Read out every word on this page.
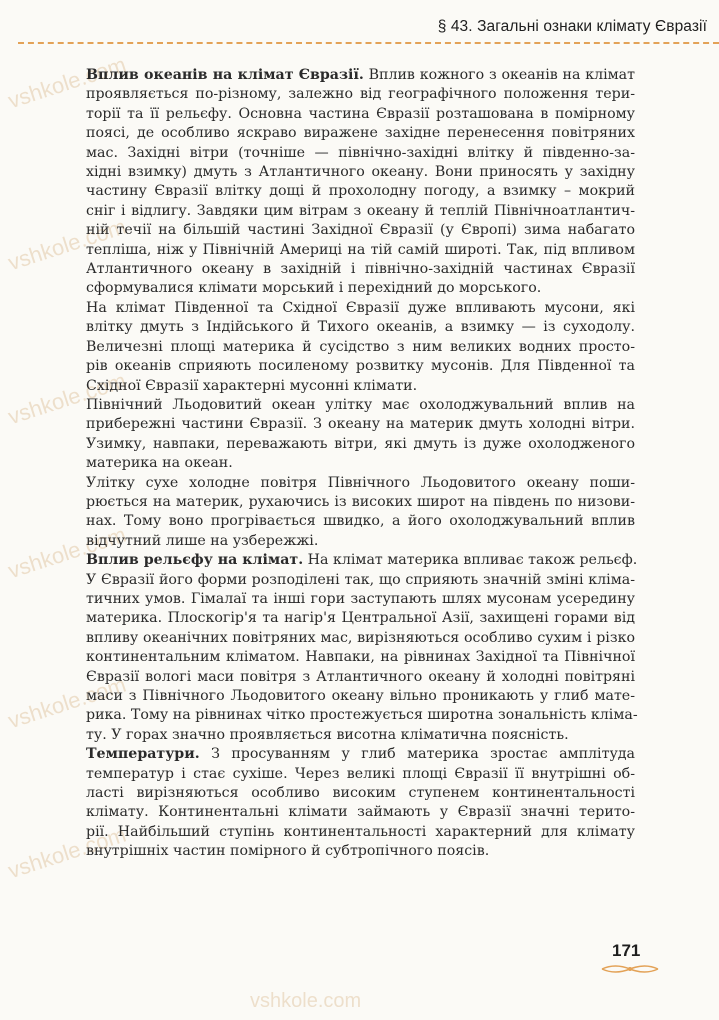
§ 43. Загальні ознаки клімату Євразії
vshkole.com
vshkole.com
vshkole.com
vshkole.com
vshkole.com
vshkole.com
vshkole.com

Вплив океанів на клімат Євразії. Вплив кожного з океанів на клімат
проявляється по-різному, залежно від географічного положення тери-
торії та її рельєфу. Основна частина Євразії розташована в помірному
поясі, де особливо яскраво виражене західне перенесення повітряних
мас. Західні вітри (точніше — північно-західні влітку й південно-за-
хідні взимку) дмуть з Атлантичного океану. Вони приносять у західну
частину Євразії влітку дощі й прохолодну погоду, а взимку – мокрий
сніг і відлигу. Завдяки цим вітрам з океану й теплій Північноатлантич-
ній течії на більшій частині Західної Євразії (у Європі) зима набагато
тепліша, ніж у Північній Америці на тій самій широті. Так, під впливом
Атлантичного океану в західній і північно-західній частинах Євразії
сформувалися клімати морський і перехідний до морського.

На клімат Південної та Східної Євразії дуже впливають мусони, які
влітку дмуть з Індійського й Тихого океанів, а взимку — із суходолу.
Величезні площі материка й сусідство з ним великих водних просто-
рів океанів сприяють посиленому розвитку мусонів. Для Південної та
Східної Євразії характерні мусонні клімати.

Північний Льодовитий океан улітку має охолоджувальний вплив на
прибережні частини Євразії. З океану на материк дмуть холодні вітри.
Узимку, навпаки, переважають вітри, які дмуть із дуже охолодженого
материка на океан.

Улітку сухе холодне повітря Північного Льодовитого океану поши-
рюється на материк, рухаючись із високих широт на південь по низови-
нах. Тому воно прогрівається швидко, а його охолоджувальний вплив
відчутний лише на узбережжі.

Вплив рельєфу на клімат. На клімат материка впливає також рельєф.
У Євразії його форми розподілені так, що сприяють значній зміні кліма-
тичних умов. Гімалаї та інші гори заступають шлях мусонам усередину
материка. Плоскогір'я та нагір'я Центральної Азії, захищені горами від
впливу океанічних повітряних мас, вирізняються особливо сухим і різко
континентальним кліматом. Навпаки, на рівнинах Західної та Північної
Євразії вологі маси повітря з Атлантичного океану й холодні повітряні
маси з Північного Льодовитого океану вільно проникають у глиб мате-
рика. Тому на рівнинах чітко простежується широтна зональність кліма-
ту. У горах значно проявляється висотна кліматична поясність.

Температури. З просуванням у глиб материка зростає амплітуда
температур і стає сухіше. Через великі площі Євразії її внутрішні об-
ласті вирізняються особливо високим ступенем континентальності
клімату. Континентальні клімати займають у Євразії значні терито-
рії. Найбільший ступінь континентальності характерний для клімату
внутрішніх частин помірного й субтропічного поясів.

171
